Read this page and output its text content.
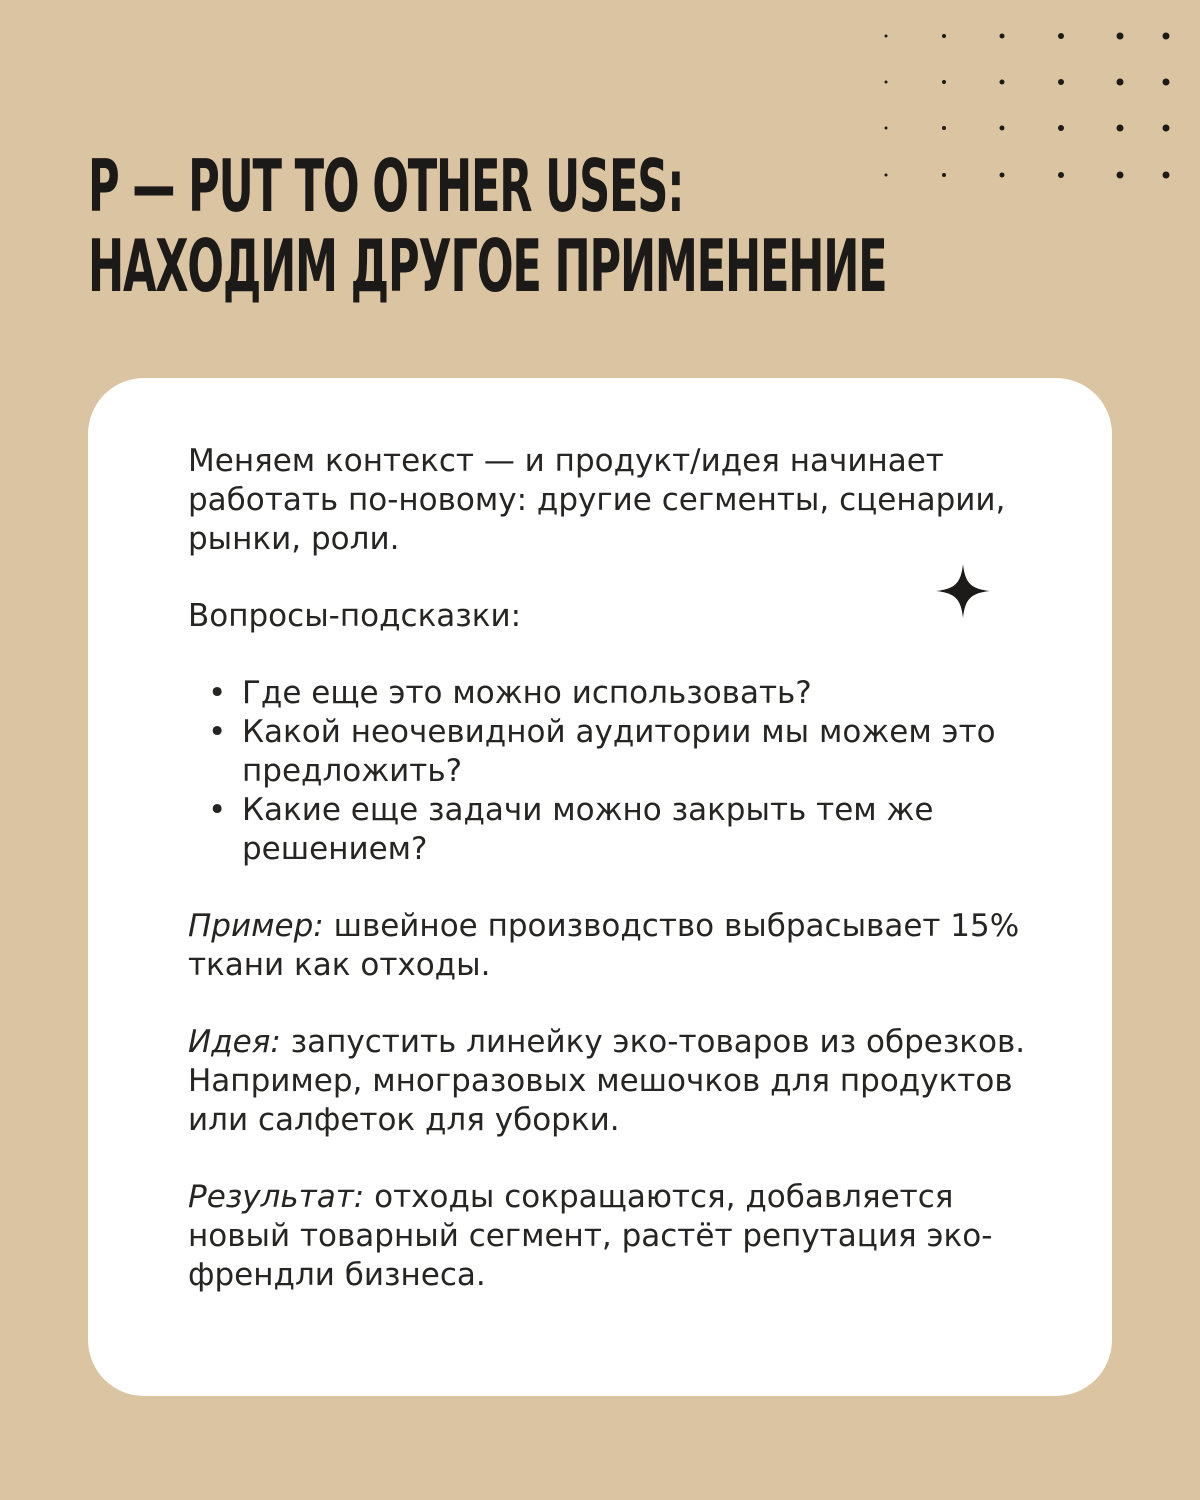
P — PUT TO OTHER USES:
НАХОДИМ ДРУГОЕ ПРИМЕНЕНИЕ

Меняем контекст — и продукт/идея начинает работать по-новому: другие сегменты, сценарии, рынки, роли.

Вопросы-подсказки:

• Где еще это можно использовать?
• Какой неочевидной аудитории мы можем это предложить?
• Какие еще задачи можно закрыть тем же решением?

Пример: швейное производство выбрасывает 15% ткани как отходы.

Идея: запустить линейку эко-товаров из обрезков. Например, многразовых мешочков для продуктов или салфеток для уборки.

Результат: отходы сокращаются, добавляется новый товарный сегмент, растёт репутация эко-френдли бизнеса.
